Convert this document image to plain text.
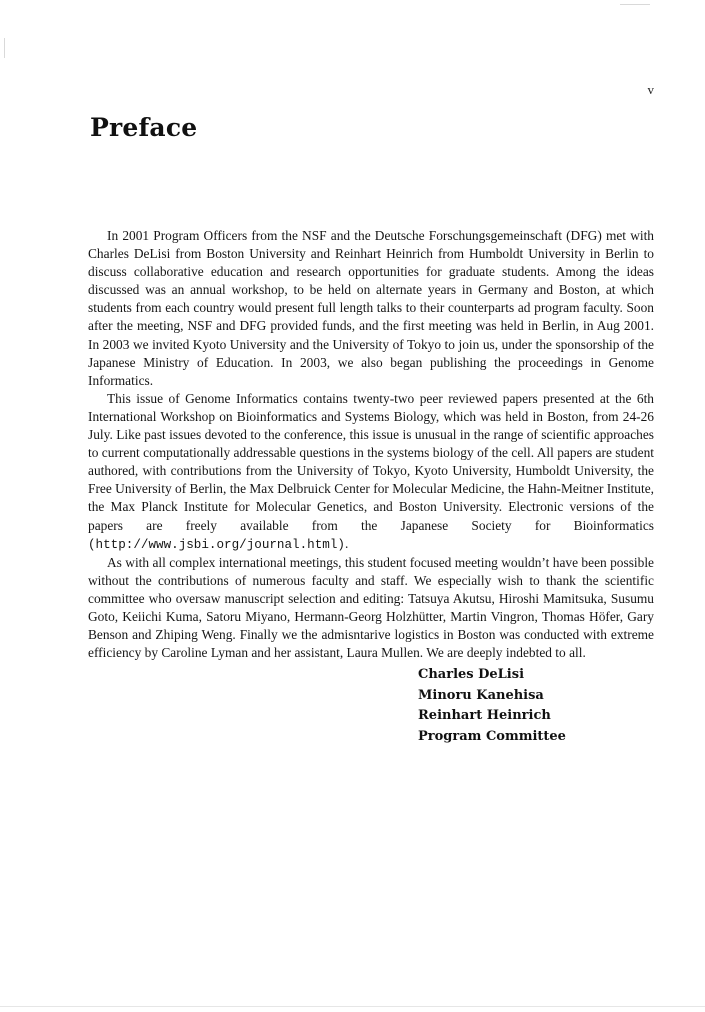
v
Preface

In 2001 Program Officers from the NSF and the Deutsche Forschungsgemeinschaft (DFG) met with Charles DeLisi from Boston University and Reinhart Heinrich from Humboldt University in Berlin to discuss collaborative education and research opportunities for graduate students. Among the ideas discussed was an annual workshop, to be held on alternate years in Germany and Boston, at which students from each country would present full length talks to their counterparts ad program faculty. Soon after the meeting, NSF and DFG provided funds, and the first meeting was held in Berlin, in Aug 2001. In 2003 we invited Kyoto University and the University of Tokyo to join us, under the sponsorship of the Japanese Ministry of Education. In 2003, we also began publishing the proceedings in Genome Informatics.

This issue of Genome Informatics contains twenty-two peer reviewed papers presented at the 6th International Workshop on Bioinformatics and Systems Biology, which was held in Boston, from 24-26 July. Like past issues devoted to the conference, this issue is unusual in the range of scientific approaches to current computationally addressable questions in the systems biology of the cell. All papers are student authored, with contributions from the University of Tokyo, Kyoto University, Humboldt University, the Free University of Berlin, the Max Delbruick Center for Molecular Medicine, the Hahn-Meitner Institute, the Max Planck Institute for Molecular Genetics, and Boston University. Electronic versions of the papers are freely available from the Japanese Society for Bioinformatics (http://www.jsbi.org/journal.html).

As with all complex international meetings, this student focused meeting wouldn’t have been possible without the contributions of numerous faculty and staff. We especially wish to thank the scientific committee who oversaw manuscript selection and editing: Tatsuya Akutsu, Hiroshi Mamitsuka, Susumu Goto, Keiichi Kuma, Satoru Miyano, Hermann-Georg Holzhütter, Martin Vingron, Thomas Höfer, Gary Benson and Zhiping Weng. Finally we the admisntarive logistics in Boston was conducted with extreme efficiency by Caroline Lyman and her assistant, Laura Mullen. We are deeply indebted to all.

Charles DeLisi
Minoru Kanehisa
Reinhart Heinrich
Program Committee
